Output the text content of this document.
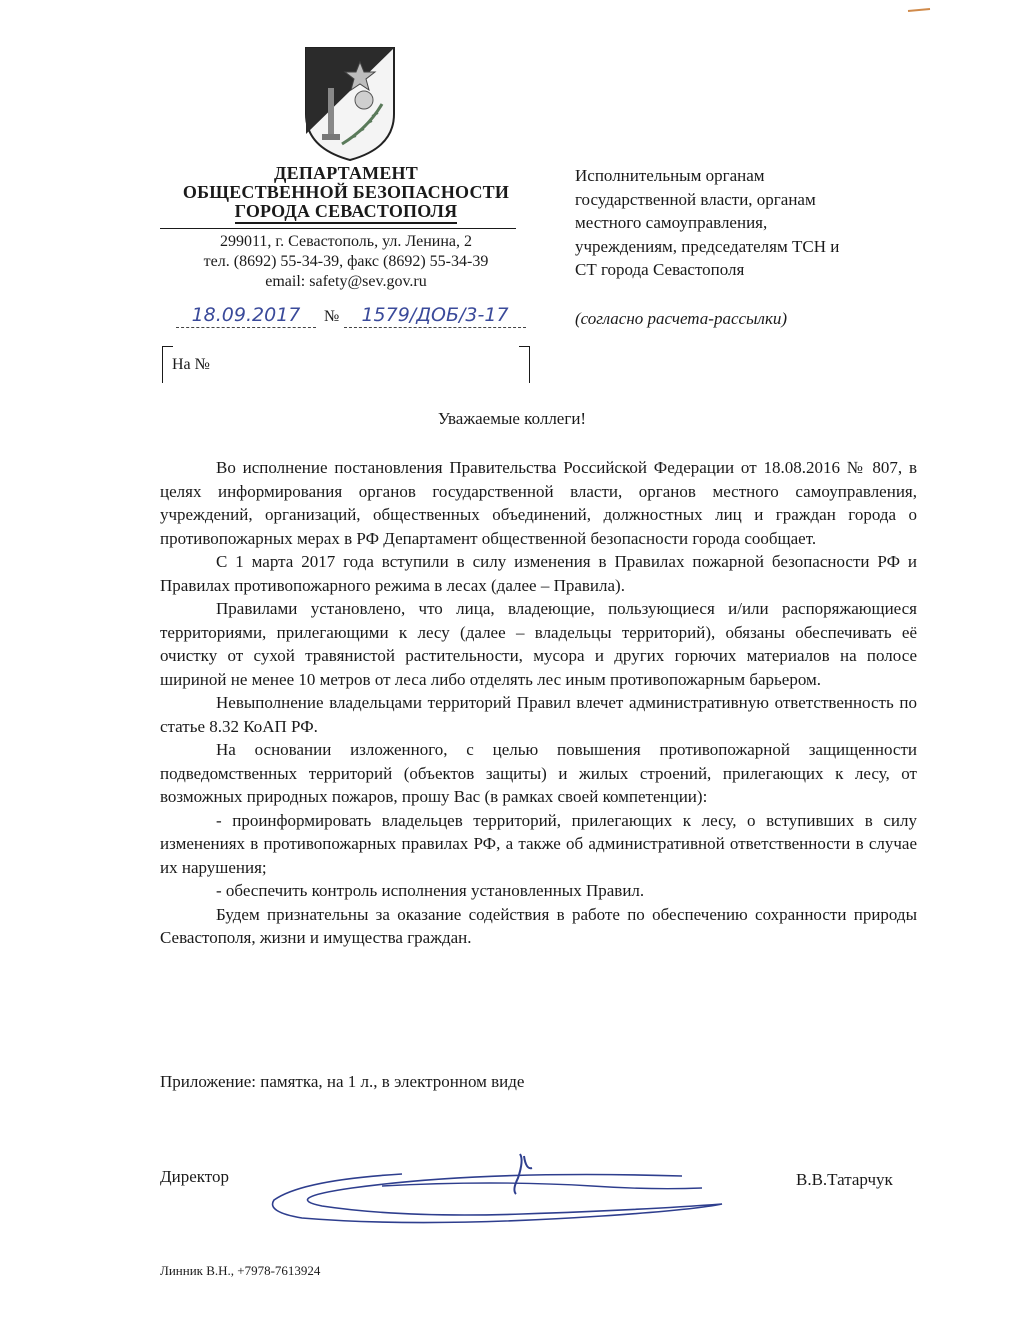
ДЕПАРТАМЕНТ
ОБЩЕСТВЕННОЙ БЕЗОПАСНОСТИ
ГОРОДА СЕВАСТОПОЛЯ
299011, г. Севастополь, ул. Ленина, 2
тел. (8692) 55-34-39, факс (8692) 55-34-39
email: safety@sev.gov.ru
18.09.2017	№	1579/ДОБ/3-17
На №
Исполнительным органам
государственной власти, органам
местного самоуправления,
учреждениям, председателям ТСН и
СТ города Севастополя
(согласно расчета-рассылки)
Уважаемые коллеги!

Во исполнение постановления Правительства Российской Федерации от 18.08.2016 № 807, в целях информирования органов государственной власти, органов местного самоуправления, учреждений, организаций, общественных объединений, должностных лиц и граждан города о противопожарных мерах в РФ Департамент общественной безопасности города сообщает.

С 1 марта 2017 года вступили в силу изменения в Правилах пожарной безопасности РФ и Правилах противопожарного режима в лесах (далее – Правила).

Правилами установлено, что лица, владеющие, пользующиеся и/или распоряжающиеся территориями, прилегающими к лесу (далее – владельцы территорий), обязаны обеспечивать её очистку от сухой травянистой растительности, мусора и других горючих материалов на полосе шириной не менее 10 метров от леса либо отделять лес иным противопожарным барьером.

Невыполнение владельцами территорий Правил влечет административную ответственность по статье 8.32 КоАП РФ.

На основании изложенного, с целью повышения противопожарной защищенности подведомственных территорий (объектов защиты) и жилых строений, прилегающих к лесу, от возможных природных пожаров, прошу Вас (в рамках своей компетенции):

- проинформировать владельцев территорий, прилегающих к лесу, о вступивших в силу изменениях в противопожарных правилах РФ, а также об административной ответственности в случае их нарушения;

- обеспечить контроль исполнения установленных Правил.

Будем признательны за оказание содействия в работе по обеспечению сохранности природы Севастополя, жизни и имущества граждан.

Приложение: памятка, на 1 л., в электронном виде
Директор	В.В.Татарчук
Линник В.Н., +7978-7613924
